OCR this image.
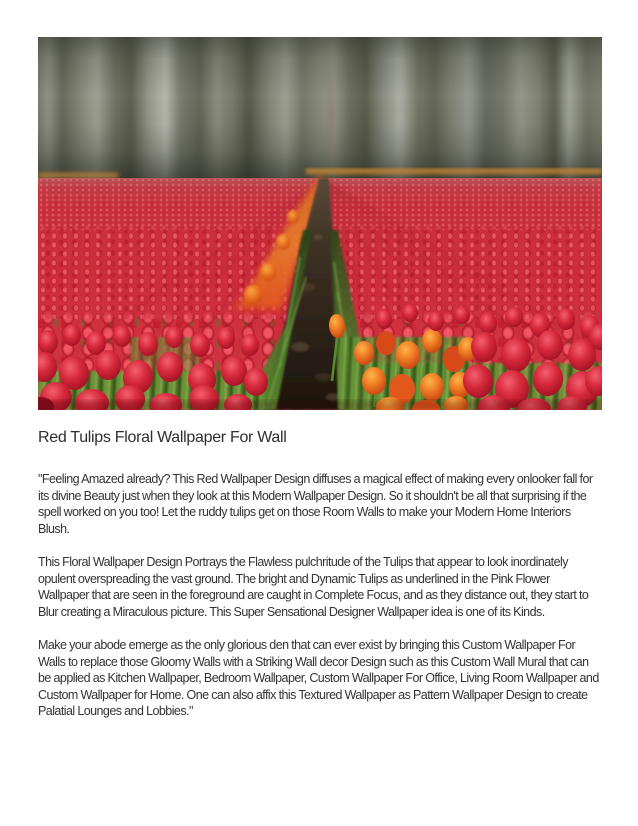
Red Tulips Floral Wallpaper For Wall

"Feeling Amazed already? This Red Wallpaper Design diffuses a magical effect of making every onlooker fall for its divine Beauty just when they look at this Modern Wallpaper Design. So it shouldn't be all that surprising if the spell worked on you too! Let the ruddy tulips get on those Room Walls to make your Modern Home Interiors Blush.

This Floral Wallpaper Design Portrays the Flawless pulchritude of the Tulips that appear to look inordinately opulent overspreading the vast ground. The bright and Dynamic Tulips as underlined in the Pink Flower Wallpaper that are seen in the foreground are caught in Complete Focus, and as they distance out, they start to Blur creating a Miraculous picture. This Super Sensational Designer Wallpaper idea is one of its Kinds.

Make your abode emerge as the only glorious den that can ever exist by bringing this Custom Wallpaper For Walls to replace those Gloomy Walls with a Striking Wall decor Design such as this Custom Wall Mural that can be applied as Kitchen Wallpaper, Bedroom Wallpaper, Custom Wallpaper For Office, Living Room Wallpaper and Custom Wallpaper for Home. One can also affix this Textured Wallpaper as Pattern Wallpaper Design to create Palatial Lounges and Lobbies."
